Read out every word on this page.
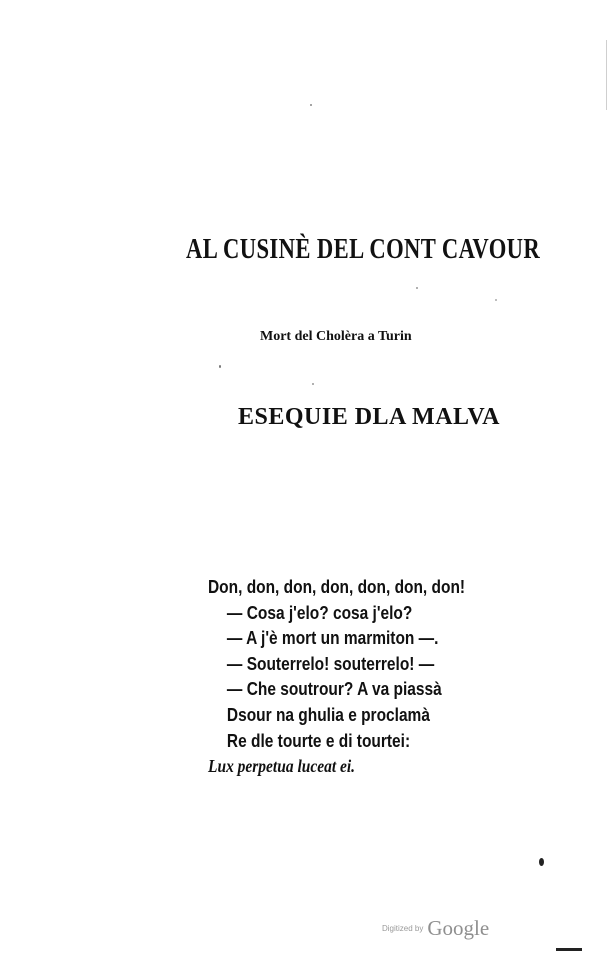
AL CUSINÈ DEL CONT CAVOUR
Mort del Cholèra a Turin
ESEQUIE DLA MALVA
Don, don, don, don, don, don, don!
— Cosa j'elo? cosa j'elo?
— A j'è mort un marmiton —.
— Souterrelo! souterrelo! —
— Che soutrour? A va piassà
Dsour na ghulia e proclamà
Re dle tourte e di tourtei:
Lux perpetua luceat ei.
Digitized by Google
